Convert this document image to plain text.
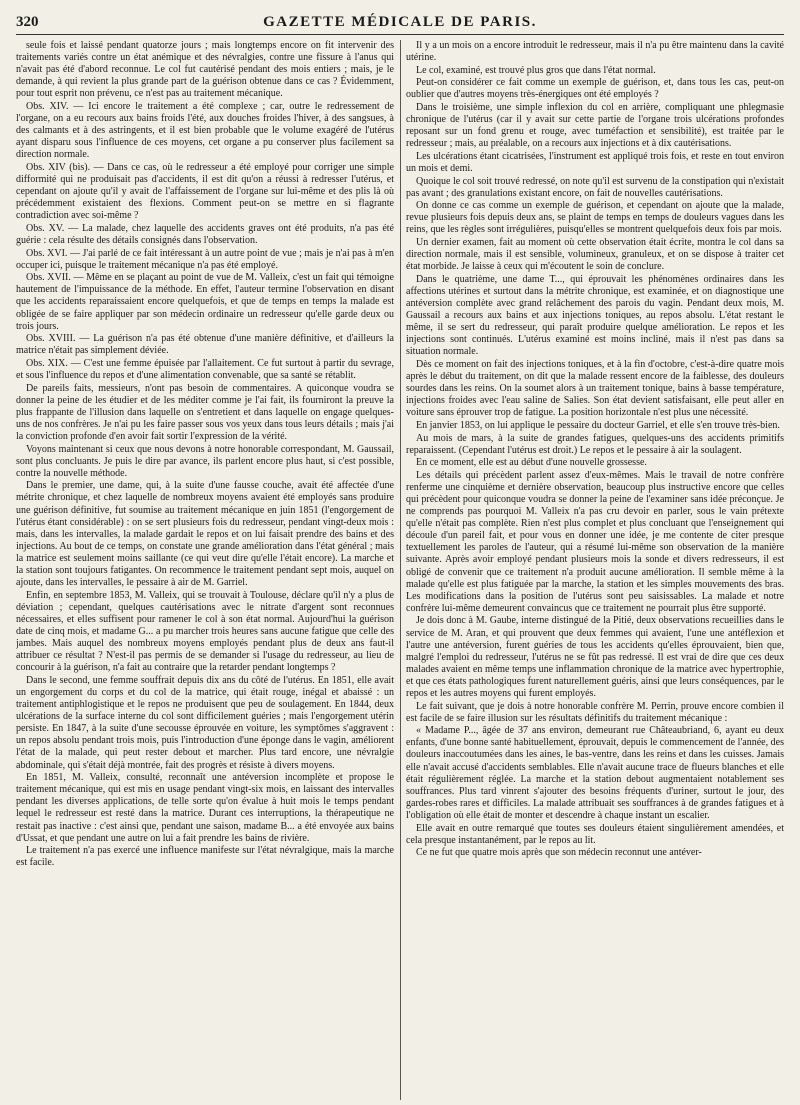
320	GAZETTE MÉDICALE DE PARIS.

seule fois et laissé pendant quatorze jours ; mais longtemps encore on fit intervenir des traitements variés contre un état anémique et des névralgies, contre une fissure à l'anus qui n'avait pas été d'abord reconnue. Le col fut cautérisé pendant des mois entiers ; mais, je le demande, à qui revient la plus grande part de la guérison obtenue dans ce cas ? Évidemment, pour tout esprit non prévenu, ce n'est pas au traitement mécanique.

Obs. XIV. — Ici encore le traitement a été complexe ; car, outre le redressement de l'organe, on a eu recours aux bains froids l'été, aux douches froides l'hiver, à des sangsues, à des calmants et à des astringents, et il est bien probable que le volume exagéré de l'utérus ayant disparu sous l'influence de ces moyens, cet organe a pu conserver plus facilement sa direction normale.

Obs. XIV (bis). — Dans ce cas, où le redresseur a été employé pour corriger une simple difformité qui ne produisait pas d'accidents, il est dit qu'on a réussi à redresser l'utérus, et cependant on ajoute qu'il y avait de l'affaissement de l'organe sur lui-même et des plis là où précédemment existaient des flexions. Comment peut-on se mettre en si flagrante contradiction avec soi-même ?

Obs. XV. — La malade, chez laquelle des accidents graves ont été produits, n'a pas été guérie : cela résulte des détails consignés dans l'observation.

Obs. XVI. — J'ai parlé de ce fait intéressant à un autre point de vue ; mais je n'ai pas à m'en occuper ici, puisque le traitement mécanique n'a pas été employé.

Obs. XVII. — Même en se plaçant au point de vue de M. Valleix, c'est un fait qui témoigne hautement de l'impuissance de la méthode. En effet, l'auteur termine l'observation en disant que les accidents reparaissaient encore quelquefois, et que de temps en temps la malade est obligée de se faire appliquer par son médecin ordinaire un redresseur qu'elle garde deux ou trois jours.

Obs. XVIII. — La guérison n'a pas été obtenue d'une manière définitive, et d'ailleurs la matrice n'était pas simplement déviée.

Obs. XIX. — C'est une femme épuisée par l'allaitement. Ce fut surtout à partir du sevrage, et sous l'influence du repos et d'une alimentation convenable, que sa santé se rétablit.

De pareils faits, messieurs, n'ont pas besoin de commentaires. A quiconque voudra se donner la peine de les étudier et de les méditer comme je l'ai fait, ils fourniront la preuve la plus frappante de l'illusion dans laquelle on s'entretient et dans laquelle on engage quelques-uns de nos confrères. Je n'ai pu les faire passer sous vos yeux dans tous leurs détails ; mais j'ai la conviction profonde d'en avoir fait sortir l'expression de la vérité.

Voyons maintenant si ceux que nous devons à notre honorable correspondant, M. Gaussail, sont plus concluants. Je puis le dire par avance, ils parlent encore plus haut, si c'est possible, contre la nouvelle méthode.

Dans le premier, une dame, qui, à la suite d'une fausse couche, avait été affectée d'une métrite chronique, et chez laquelle de nombreux moyens avaient été employés sans produire une guérison définitive, fut soumise au traitement mécanique en juin 1851 (l'engorgement de l'utérus étant considérable) : on se sert plusieurs fois du redresseur, pendant vingt-deux mois : mais, dans les intervalles, la malade gardait le repos et on lui faisait prendre des bains et des injections. Au bout de ce temps, on constate une grande amélioration dans l'état général ; mais la matrice est seulement moins saillante (ce qui veut dire qu'elle l'était encore). La marche et la station sont toujours fatigantes. On recommence le traitement pendant sept mois, auquel on ajoute, dans les intervalles, le pessaire à air de M. Garriel.

Enfin, en septembre 1853, M. Valleix, qui se trouvait à Toulouse, déclare qu'il n'y a plus de déviation ; cependant, quelques cautérisations avec le nitrate d'argent sont reconnues nécessaires, et elles suffisent pour ramener le col à son état normal. Aujourd'hui la guérison date de cinq mois, et madame G... a pu marcher trois heures sans aucune fatigue que celle des jambes. Mais auquel des nombreux moyens employés pendant plus de deux ans faut-il attribuer ce résultat ? N'est-il pas permis de se demander si l'usage du redresseur, au lieu de concourir à la guérison, n'a fait au contraire que la retarder pendant longtemps ?

Dans le second, une femme souffrait depuis dix ans du côté de l'utérus. En 1851, elle avait un engorgement du corps et du col de la matrice, qui était rouge, inégal et abaissé : un traitement antiphlogistique et le repos ne produisent que peu de soulagement. En 1844, deux ulcérations de la surface interne du col sont difficilement guéries ; mais l'engorgement utérin persiste. En 1847, à la suite d'une secousse éprouvée en voiture, les symptômes s'aggravent : un repos absolu pendant trois mois, puis l'introduction d'une éponge dans le vagin, améliorent l'état de la malade, qui peut rester debout et marcher. Plus tard encore, une névralgie abdominale, qui s'était déjà montrée, fait des progrès et résiste à divers moyens.

En 1851, M. Valleix, consulté, reconnaît une antéversion incomplète et propose le traitement mécanique, qui est mis en usage pendant vingt-six mois, en laissant des intervalles pendant les diverses applications, de telle sorte qu'on évalue à huit mois le temps pendant lequel le redresseur est resté dans la matrice. Durant ces interruptions, la thérapeutique ne restait pas inactive : c'est ainsi que, pendant une saison, madame B... a été envoyée aux bains d'Ussat, et que pendant une autre on lui a fait prendre les bains de rivière.

Le traitement n'a pas exercé une influence manifeste sur l'état névralgique, mais la marche est facile.

Il y a un mois on a encore introduit le redresseur, mais il n'a pu être maintenu dans la cavité utérine.

Le col, examiné, est trouvé plus gros que dans l'état normal.

Peut-on considérer ce fait comme un exemple de guérison, et, dans tous les cas, peut-on oublier que d'autres moyens très-énergiques ont été employés ?

Dans le troisième, une simple inflexion du col en arrière, compliquant une phlegmasie chronique de l'utérus (car il y avait sur cette partie de l'organe trois ulcérations profondes reposant sur un fond grenu et rouge, avec tuméfaction et sensibilité), est traitée par le redresseur ; mais, au préalable, on a recours aux injections et à dix cautérisations.

Les ulcérations étant cicatrisées, l'instrument est appliqué trois fois, et reste en tout environ un mois et demi.

Quoique le col soit trouvé redressé, on note qu'il est survenu de la constipation qui n'existait pas avant ; des granulations existant encore, on fait de nouvelles cautérisations.

On donne ce cas comme un exemple de guérison, et cependant on ajoute que la malade, revue plusieurs fois depuis deux ans, se plaint de temps en temps de douleurs vagues dans les reins, que les règles sont irrégulières, puisqu'elles se montrent quelquefois deux fois par mois.

Un dernier examen, fait au moment où cette observation était écrite, montra le col dans sa direction normale, mais il est sensible, volumineux, granuleux, et on se dispose à traiter cet état morbide. Je laisse à ceux qui m'écoutent le soin de conclure.

Dans le quatrième, une dame T..., qui éprouvait les phénomènes ordinaires dans les affections utérines et surtout dans la métrite chronique, est examinée, et on diagnostique une antéversion complète avec grand relâchement des parois du vagin. Pendant deux mois, M. Gaussail a recours aux bains et aux injections toniques, au repos absolu. L'état restant le même, il se sert du redresseur, qui paraît produire quelque amélioration. Le repos et les injections sont continués. L'utérus examiné est moins incliné, mais il n'est pas dans sa situation normale.

Dès ce moment on fait des injections toniques, et à la fin d'octobre, c'est-à-dire quatre mois après le début du traitement, on dit que la malade ressent encore de la faiblesse, des douleurs sourdes dans les reins. On la soumet alors à un traitement tonique, bains à basse température, injections froides avec l'eau saline de Salies. Son état devient satisfaisant, elle peut aller en voiture sans éprouver trop de fatigue. La position horizontale n'est plus une nécessité.

En janvier 1853, on lui applique le pessaire du docteur Garriel, et elle s'en trouve très-bien.

Au mois de mars, à la suite de grandes fatigues, quelques-uns des accidents primitifs reparaissent. (Cependant l'utérus est droit.) Le repos et le pessaire à air la soulagent.

En ce moment, elle est au début d'une nouvelle grossesse.

Les détails qui précèdent parlent assez d'eux-mêmes. Mais le travail de notre confrère renferme une cinquième et dernière observation, beaucoup plus instructive encore que celles qui précèdent pour quiconque voudra se donner la peine de l'examiner sans idée préconçue. Je ne comprends pas pourquoi M. Valleix n'a pas cru devoir en parler, sous le vain prétexte qu'elle n'était pas complète. Rien n'est plus complet et plus concluant que l'enseignement qui découle d'un pareil fait, et pour vous en donner une idée, je me contente de citer presque textuellement les paroles de l'auteur, qui a résumé lui-même son observation de la manière suivante. Après avoir employé pendant plusieurs mois la sonde et divers redresseurs, il est obligé de convenir que ce traitement n'a produit aucune amélioration. Il semble même à la malade qu'elle est plus fatiguée par la marche, la station et les simples mouvements des bras. Les modifications dans la position de l'utérus sont peu saisissables. La malade et notre confrère lui-même demeurent convaincus que ce traitement ne pourrait plus être supporté.

Je dois donc à M. Gaube, interne distingué de la Pitié, deux observations recueillies dans le service de M. Aran, et qui prouvent que deux femmes qui avaient, l'une une antéflexion et l'autre une antéversion, furent guéries de tous les accidents qu'elles éprouvaient, bien que, malgré l'emploi du redresseur, l'utérus ne se fût pas redressé. Il est vrai de dire que ces deux malades avaient en même temps une inflammation chronique de la matrice avec hypertrophie, et que ces états pathologiques furent naturellement guéris, ainsi que leurs conséquences, par le repos et les autres moyens qui furent employés.

Le fait suivant, que je dois à notre honorable confrère M. Perrin, prouve encore combien il est facile de se faire illusion sur les résultats définitifs du traitement mécanique :

« Madame P..., âgée de 37 ans environ, demeurant rue Châteaubriand, 6, ayant eu deux enfants, d'une bonne santé habituellement, éprouvait, depuis le commencement de l'année, des douleurs inaccoutumées dans les aines, le bas-ventre, dans les reins et dans les cuisses. Jamais elle n'avait accusé d'accidents semblables. Elle n'avait aucune trace de flueurs blanches et elle était régulièrement réglée. La marche et la station debout augmentaient notablement ses souffrances. Plus tard vinrent s'ajouter des besoins fréquents d'uriner, surtout le jour, des gardes-robes rares et difficiles. La malade attribuait ses souffrances à de grandes fatigues et à l'obligation où elle était de monter et descendre à chaque instant un escalier.

Elle avait en outre remarqué que toutes ses douleurs étaient singulièrement amendées, et cela presque instantanément, par le repos au lit.

Ce ne fut que quatre mois après que son médecin reconnut une antéver-
